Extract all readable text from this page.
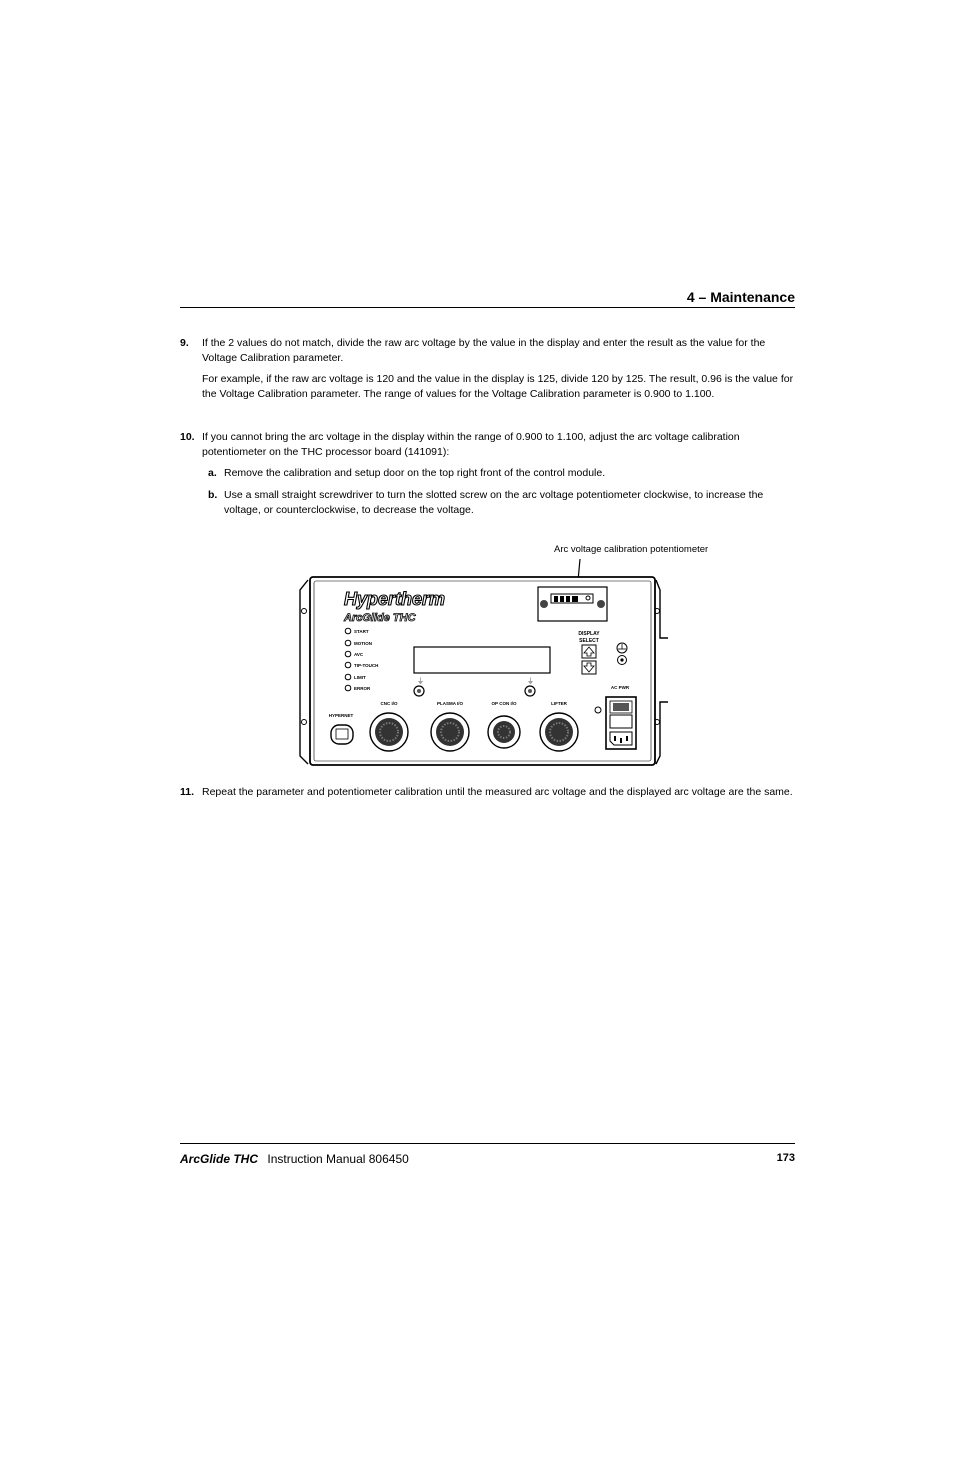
4 – Maintenance
9.	If the 2 values do not match, divide the raw arc voltage by the value in the display and enter the result as the value for the Voltage Calibration parameter.
For example, if the raw arc voltage is 120 and the value in the display is 125, divide 120 by 125. The result, 0.96 is the value for the Voltage Calibration parameter. The range of values for the Voltage Calibration parameter is 0.900 to 1.100.
10. If you cannot bring the arc voltage in the display within the range of 0.900 to 1.100, adjust the arc voltage calibration potentiometer on the THC processor board (141091):
a. Remove the calibration and setup door on the top right front of the control module.
b. Use a small straight screwdriver to turn the slotted screw on the arc voltage potentiometer clockwise, to increase the voltage, or counterclockwise, to decrease the voltage.
Arc voltage calibration potentiometer
Hypertherm
ArcGlide THC
START
MOTION
AVC
TIP-TOUCH
LIMIT
ERROR
DISPLAY
SELECT
⏚	⏚
HYPERNET
CNC I/O	PLASMA I/O	OP CON I/O	LIFTER
AC PWR
11. Repeat the parameter and potentiometer calibration until the measured arc voltage and the displayed arc voltage are the same.
ArcGlide THC Instruction Manual 806450	173
